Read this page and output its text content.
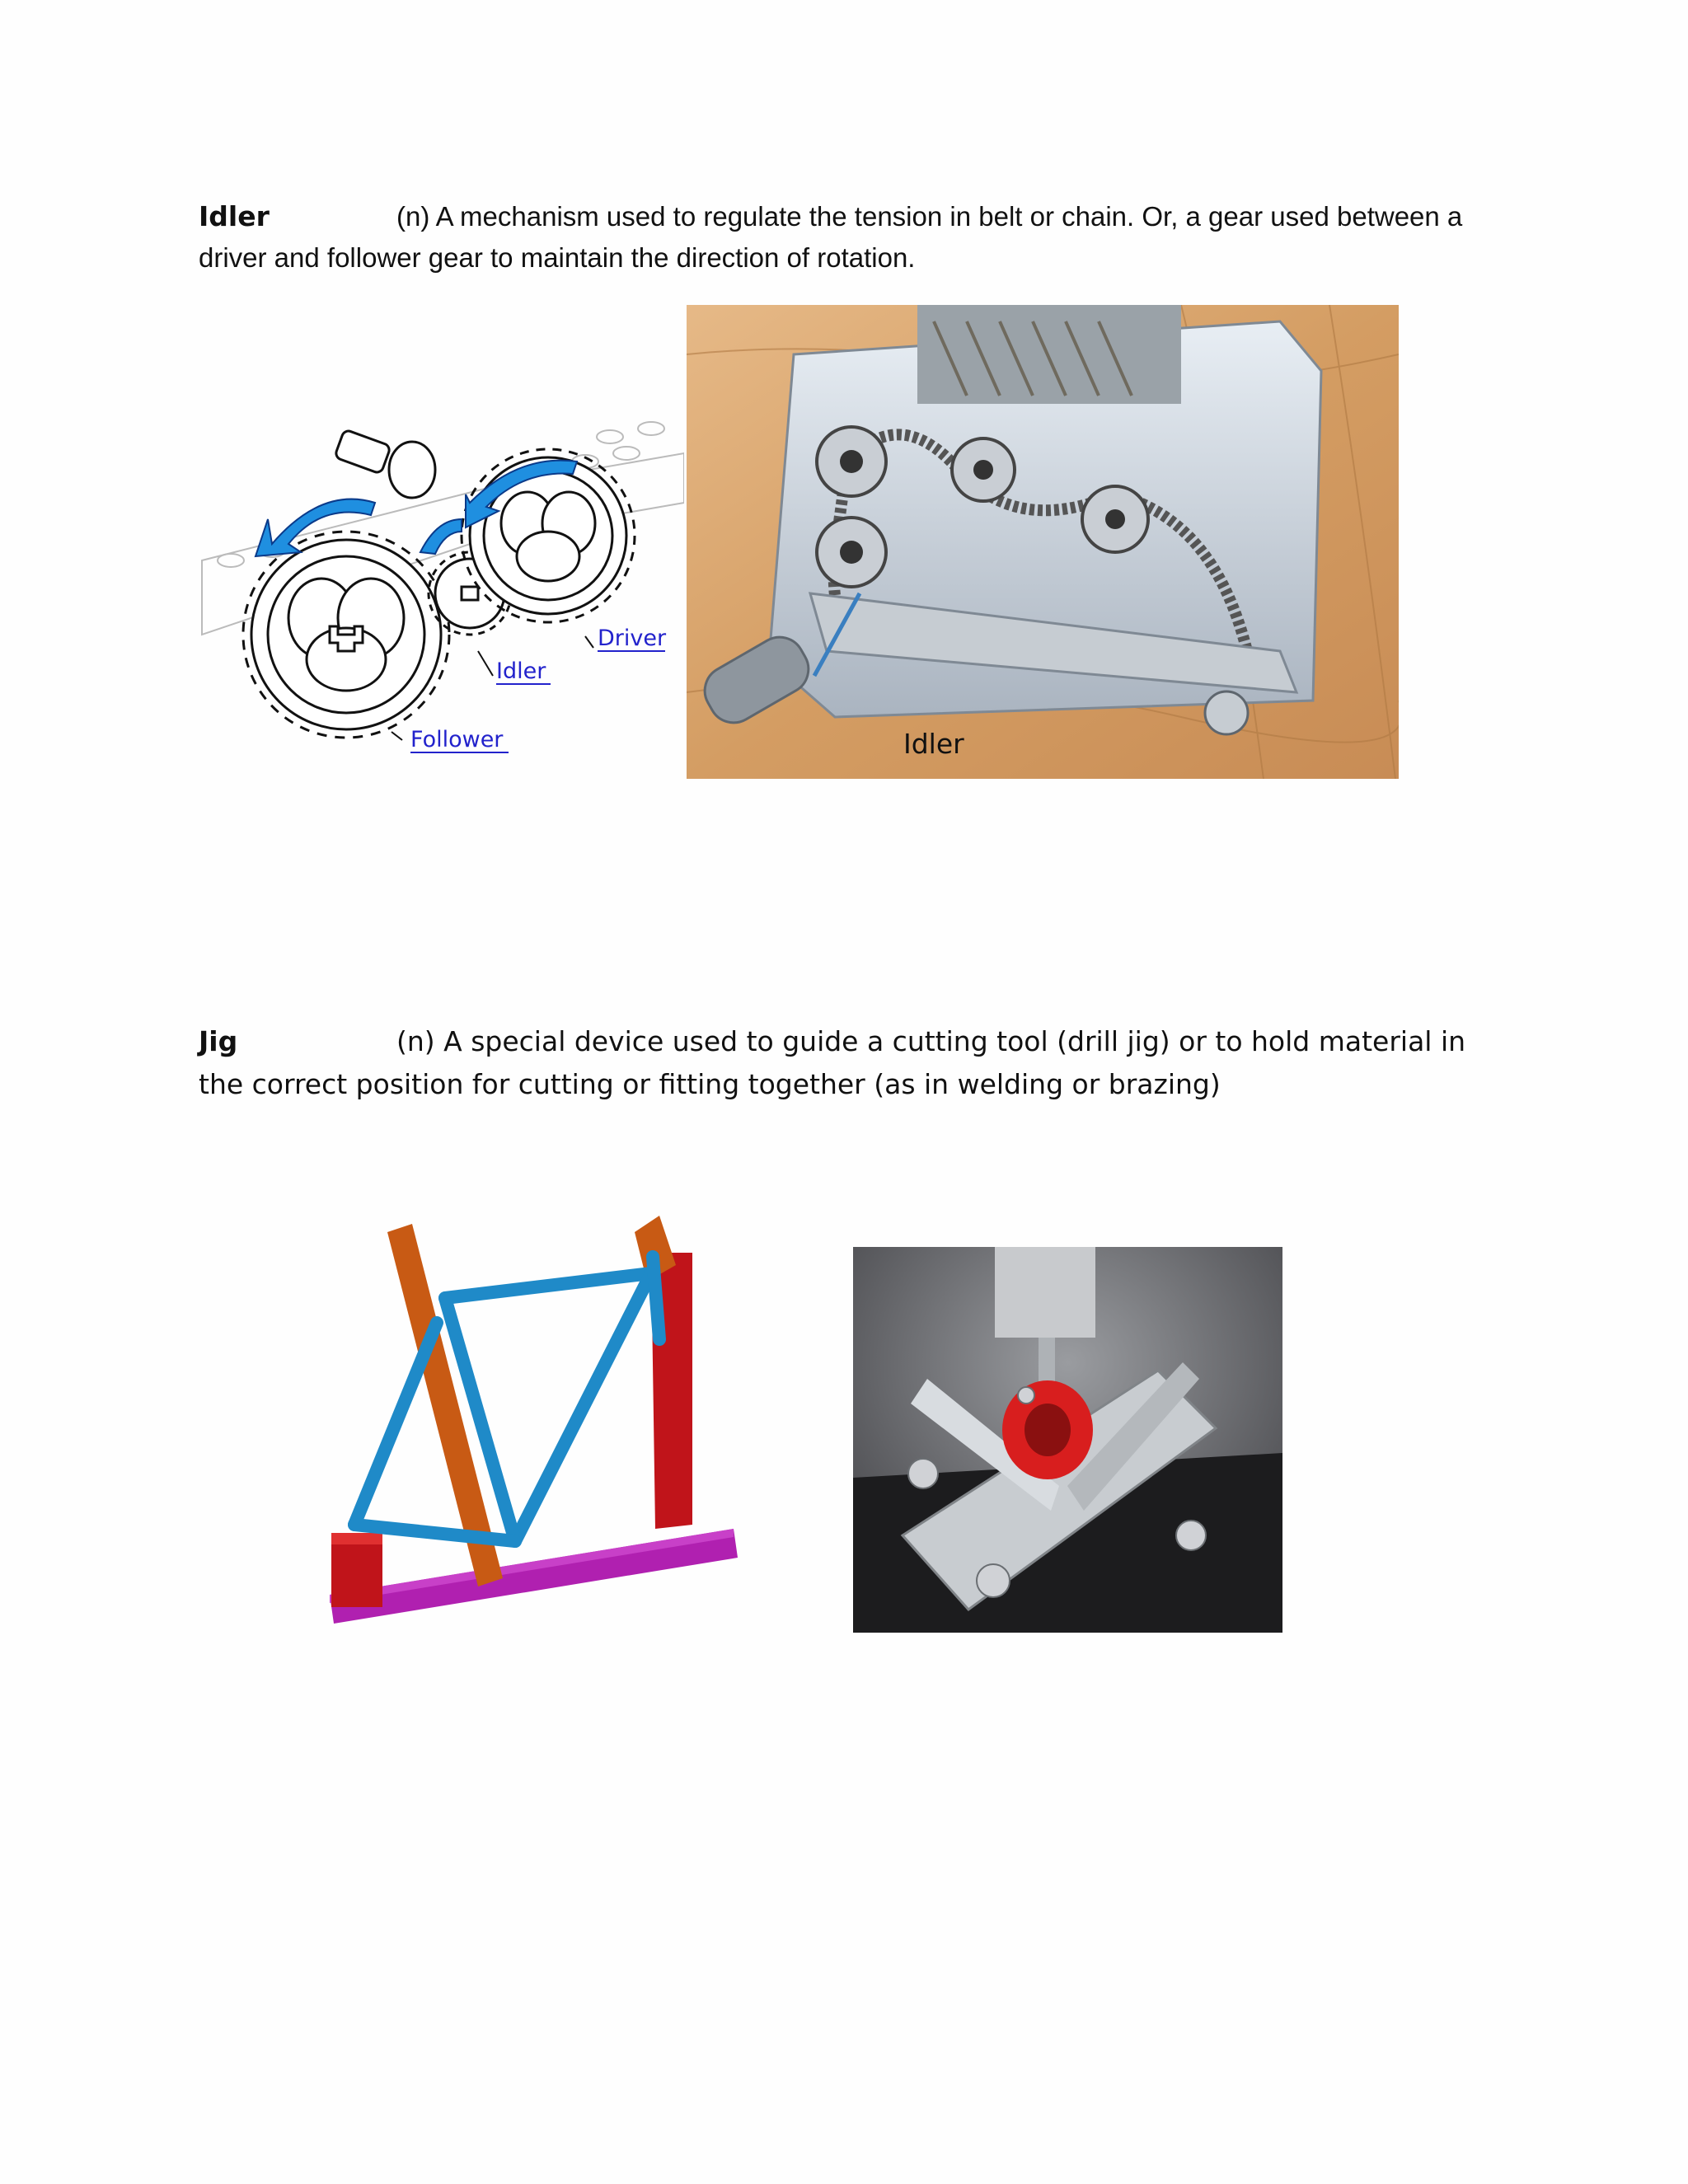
Idler	(n) A mechanism used to regulate the tension in belt or chain. Or, a gear used between a driver and follower gear to maintain the direction of rotation.
Idler
Driver
Follower	Idler
Jig	(n) A special device used to guide a cutting tool (drill jig) or to hold material in the correct position for cutting or fitting together (as in welding or brazing)
